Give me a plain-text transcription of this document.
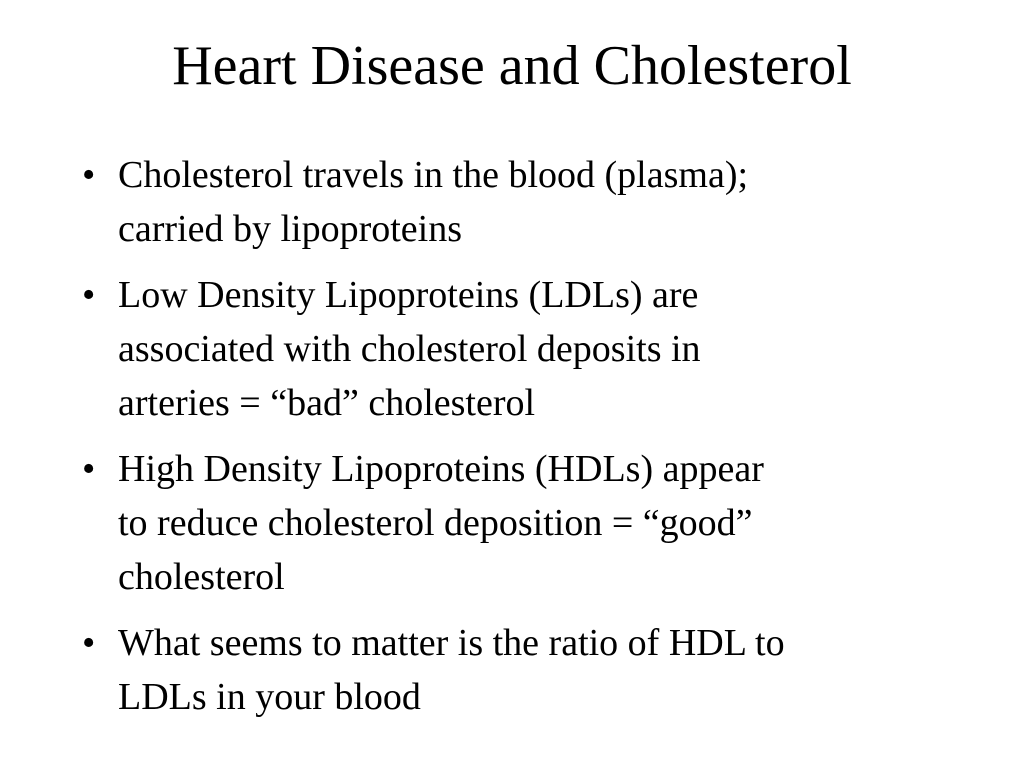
Heart Disease and Cholesterol
• Cholesterol travels in the blood (plasma);
carried by lipoproteins
• Low Density Lipoproteins (LDLs) are
associated with cholesterol deposits in
arteries = “bad” cholesterol
• High Density Lipoproteins (HDLs) appear
to reduce cholesterol deposition = “good”
cholesterol
• What seems to matter is the ratio of HDL to
LDLs in your blood
